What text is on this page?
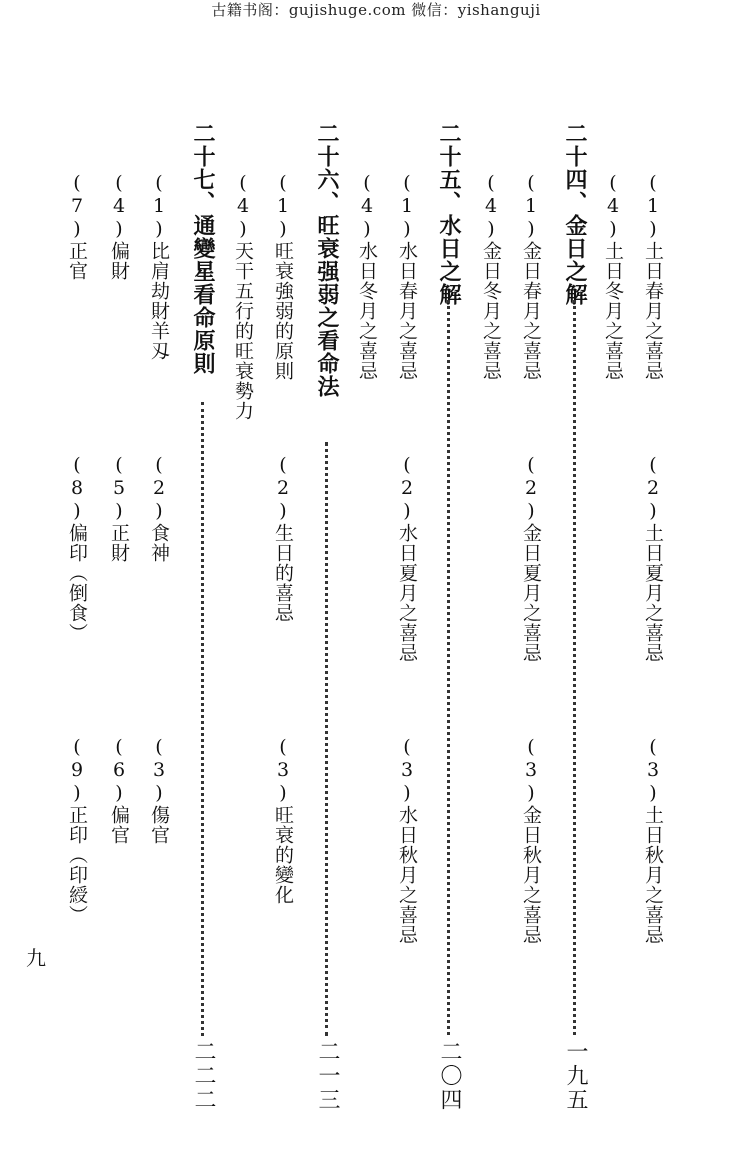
古籍书阁：gujishuge.com 微信：yishanguji
(1)土日春月之喜忌
(2)土日夏月之喜忌
(3)土日秋月之喜忌
(4)土日冬月之喜忌
二十四、金日之解
一九五
(1)金日春月之喜忌
(2)金日夏月之喜忌
(3)金日秋月之喜忌
(4)金日冬月之喜忌
二十五、水日之解
二〇四
(1)水日春月之喜忌
(2)水日夏月之喜忌
(3)水日秋月之喜忌
(4)水日冬月之喜忌
二十六、旺衰强弱之看命法
二一三
(1)旺衰強弱的原則
(2)生日的喜忌
(3)旺衰的變化
(4)天干五行的旺衰勢力
二十七、通變星看命原則
二二二
(1)比肩劫財羊刄
(2)食神
(3)傷官
(4)偏財
(5)正財
(6)偏官
(7)正官
(8)偏印（倒食）
(9)正印（印綬）
九
